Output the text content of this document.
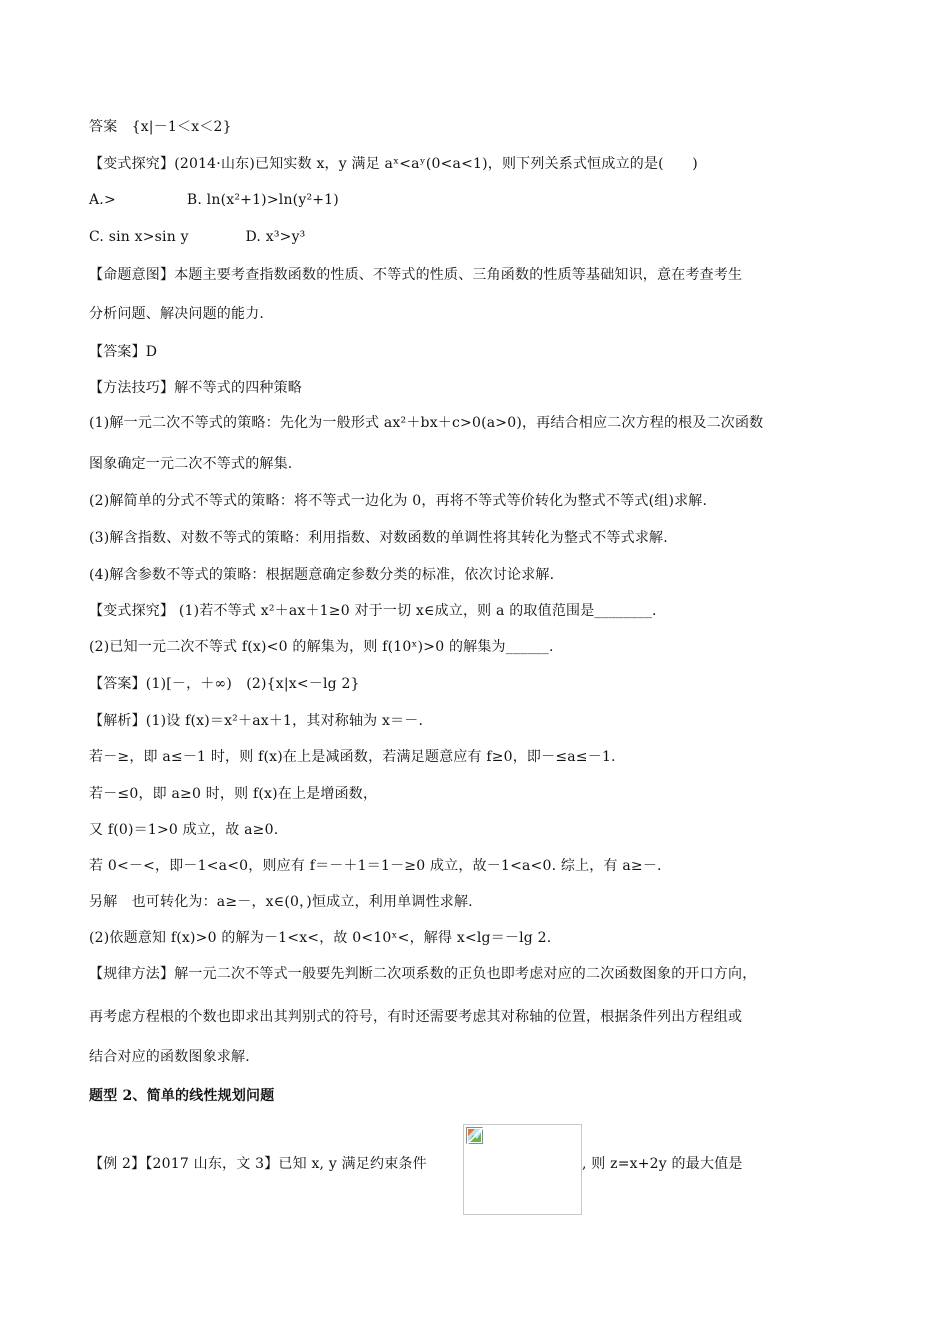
答案　{x|－1＜x＜2}
【变式探究】(2014·山东)已知实数 x，y 满足 aˣ<aʸ(0<a<1)，则下列关系式恒成立的是(　　)
A.>　　　　　B. ln(x²+1)>ln(y²+1)
C. sin x>sin y　　　　D. x³>y³
【命题意图】本题主要考查指数函数的性质、不等式的性质、三角函数的性质等基础知识，意在考查考生
分析问题、解决问题的能力.
【答案】D
【方法技巧】解不等式的四种策略
(1)解一元二次不等式的策略：先化为一般形式 ax²＋bx＋c>0(a>0)，再结合相应二次方程的根及二次函数
图象确定一元二次不等式的解集.
(2)解简单的分式不等式的策略：将不等式一边化为 0，再将不等式等价转化为整式不等式(组)求解.
(3)解含指数、对数不等式的策略：利用指数、对数函数的单调性将其转化为整式不等式求解.
(4)解含参数不等式的策略：根据题意确定参数分类的标准，依次讨论求解.
【变式探究】 (1)若不等式 x²＋ax＋1≥0 对于一切 x∈成立，则 a 的取值范围是________.
(2)已知一元二次不等式 f(x)<0 的解集为，则 f(10ˣ)>0 的解集为______.
【答案】(1)[－，＋∞)　(2){x|x<－lg 2}
【解析】(1)设 f(x)＝x²＋ax＋1，其对称轴为 x＝－.
若－≥，即 a≤－1 时，则 f(x)在上是减函数，若满足题意应有 f≥0，即－≤a≤－1.
若－≤0，即 a≥0 时，则 f(x)在上是增函数，
又 f(0)＝1>0 成立，故 a≥0.
若 0<－<，即－1<a<0，则应有 f＝－＋1＝1－≥0 成立，故－1<a<0. 综上，有 a≥－.
另解　也可转化为：a≥－，x∈(0，)恒成立，利用单调性求解.
(2)依题意知 f(x)>0 的解为－1<x<，故 0<10ˣ<，解得 x<lg＝－lg 2.
【规律方法】解一元二次不等式一般要先判断二次项系数的正负也即考虑对应的二次函数图象的开口方向，
再考虑方程根的个数也即求出其判别式的符号，有时还需要考虑其对称轴的位置，根据条件列出方程组或
结合对应的函数图象求解.
题型 2、简单的线性规划问题
【例 2】【2017 山东，文 3】已知 x, y 满足约束条件	, 则 z=x+2y 的最大值是
